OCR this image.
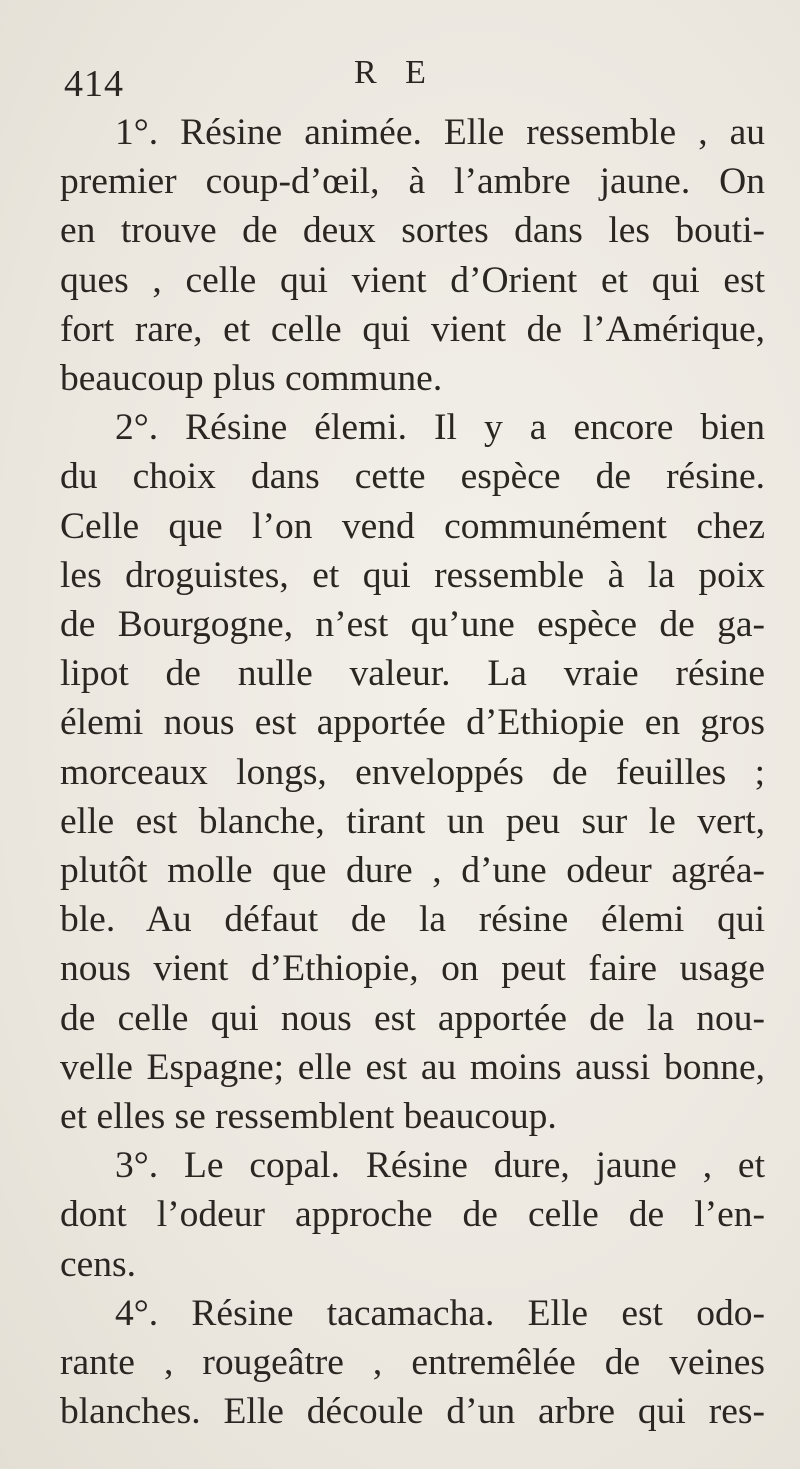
414	R E

1°. Résine animée. Elle ressemble , au
premier coup-d’œil, à l’ambre jaune. On
en trouve de deux sortes dans les bouti-
ques , celle qui vient d’Orient et qui est
fort rare, et celle qui vient de l’Amérique,
beaucoup plus commune.

2°. Résine élemi. Il y a encore bien
du choix dans cette espèce de résine.
Celle que l’on vend communément chez
les droguistes, et qui ressemble à la poix
de Bourgogne, n’est qu’une espèce de ga-
lipot de nulle valeur. La vraie résine
élemi nous est apportée d’Ethiopie en gros
morceaux longs, enveloppés de feuilles ;
elle est blanche, tirant un peu sur le vert,
plutôt molle que dure , d’une odeur agréa-
ble. Au défaut de la résine élemi qui
nous vient d’Ethiopie, on peut faire usage
de celle qui nous est apportée de la nou-
velle Espagne; elle est au moins aussi bonne,
et elles se ressemblent beaucoup.

3°. Le copal. Résine dure, jaune , et
dont l’odeur approche de celle de l’en-
cens.

4°. Résine tacamacha. Elle est odo-
rante , rougeâtre , entremêlée de veines
blanches. Elle découle d’un arbre qui res-
